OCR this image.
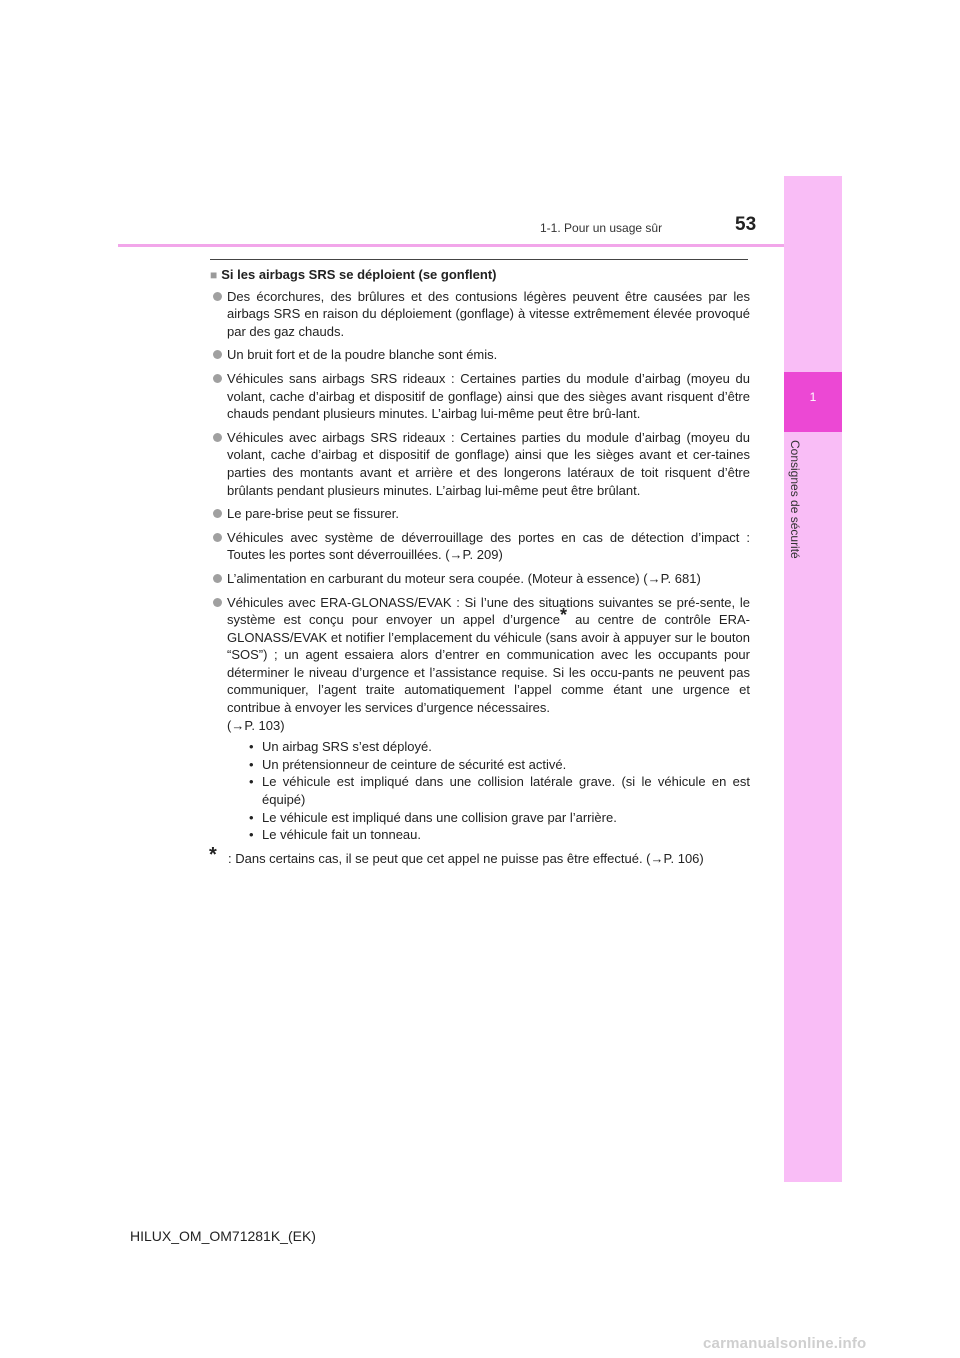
1
Consignes de sécurité
1-1. Pour un usage sûr	53
■ Si les airbags SRS se déploient (se gonflent)
Des écorchures, des brûlures et des contusions légères peuvent être causées par les airbags SRS en raison du déploiement (gonflage) à vitesse extrêmement élevée provoqué par des gaz chauds.
Un bruit fort et de la poudre blanche sont émis.
Véhicules sans airbags SRS rideaux : Certaines parties du module d’airbag (moyeu du volant, cache d’airbag et dispositif de gonflage) ainsi que des sièges avant risquent d’être chauds pendant plusieurs minutes. L’airbag lui-même peut être brû-lant.
Véhicules avec airbags SRS rideaux : Certaines parties du module d’airbag (moyeu du volant, cache d’airbag et dispositif de gonflage) ainsi que les sièges avant et cer-taines parties des montants avant et arrière et des longerons latéraux de toit risquent d’être brûlants pendant plusieurs minutes. L’airbag lui-même peut être brûlant.
Le pare-brise peut se fissurer.
Véhicules avec système de déverrouillage des portes en cas de détection d’impact : Toutes les portes sont déverrouillées. (→P. 209)
L’alimentation en carburant du moteur sera coupée. (Moteur à essence) (→P. 681)
Véhicules avec ERA-GLONASS/EVAK : Si l’une des situations suivantes se pré-sente, le système est conçu pour envoyer un appel d’urgence* au centre de contrôle ERA-GLONASS/EVAK et notifier l’emplacement du véhicule (sans avoir à appuyer sur le bouton “SOS”) ; un agent essaiera alors d’entrer en communication avec les occupants pour déterminer le niveau d’urgence et l’assistance requise. Si les occu-pants ne peuvent pas communiquer, l’agent traite automatiquement l’appel comme étant une urgence et contribue à envoyer les services d’urgence nécessaires.
(→P. 103)
• Un airbag SRS s’est déployé.
• Un prétensionneur de ceinture de sécurité est activé.
• Le véhicule est impliqué dans une collision latérale grave. (si le véhicule en est équipé)
• Le véhicule est impliqué dans une collision grave par l’arrière.
• Le véhicule fait un tonneau.
* : Dans certains cas, il se peut que cet appel ne puisse pas être effectué. (→P. 106)
HILUX_OM_OM71281K_(EK)
carmanualsonline.info
